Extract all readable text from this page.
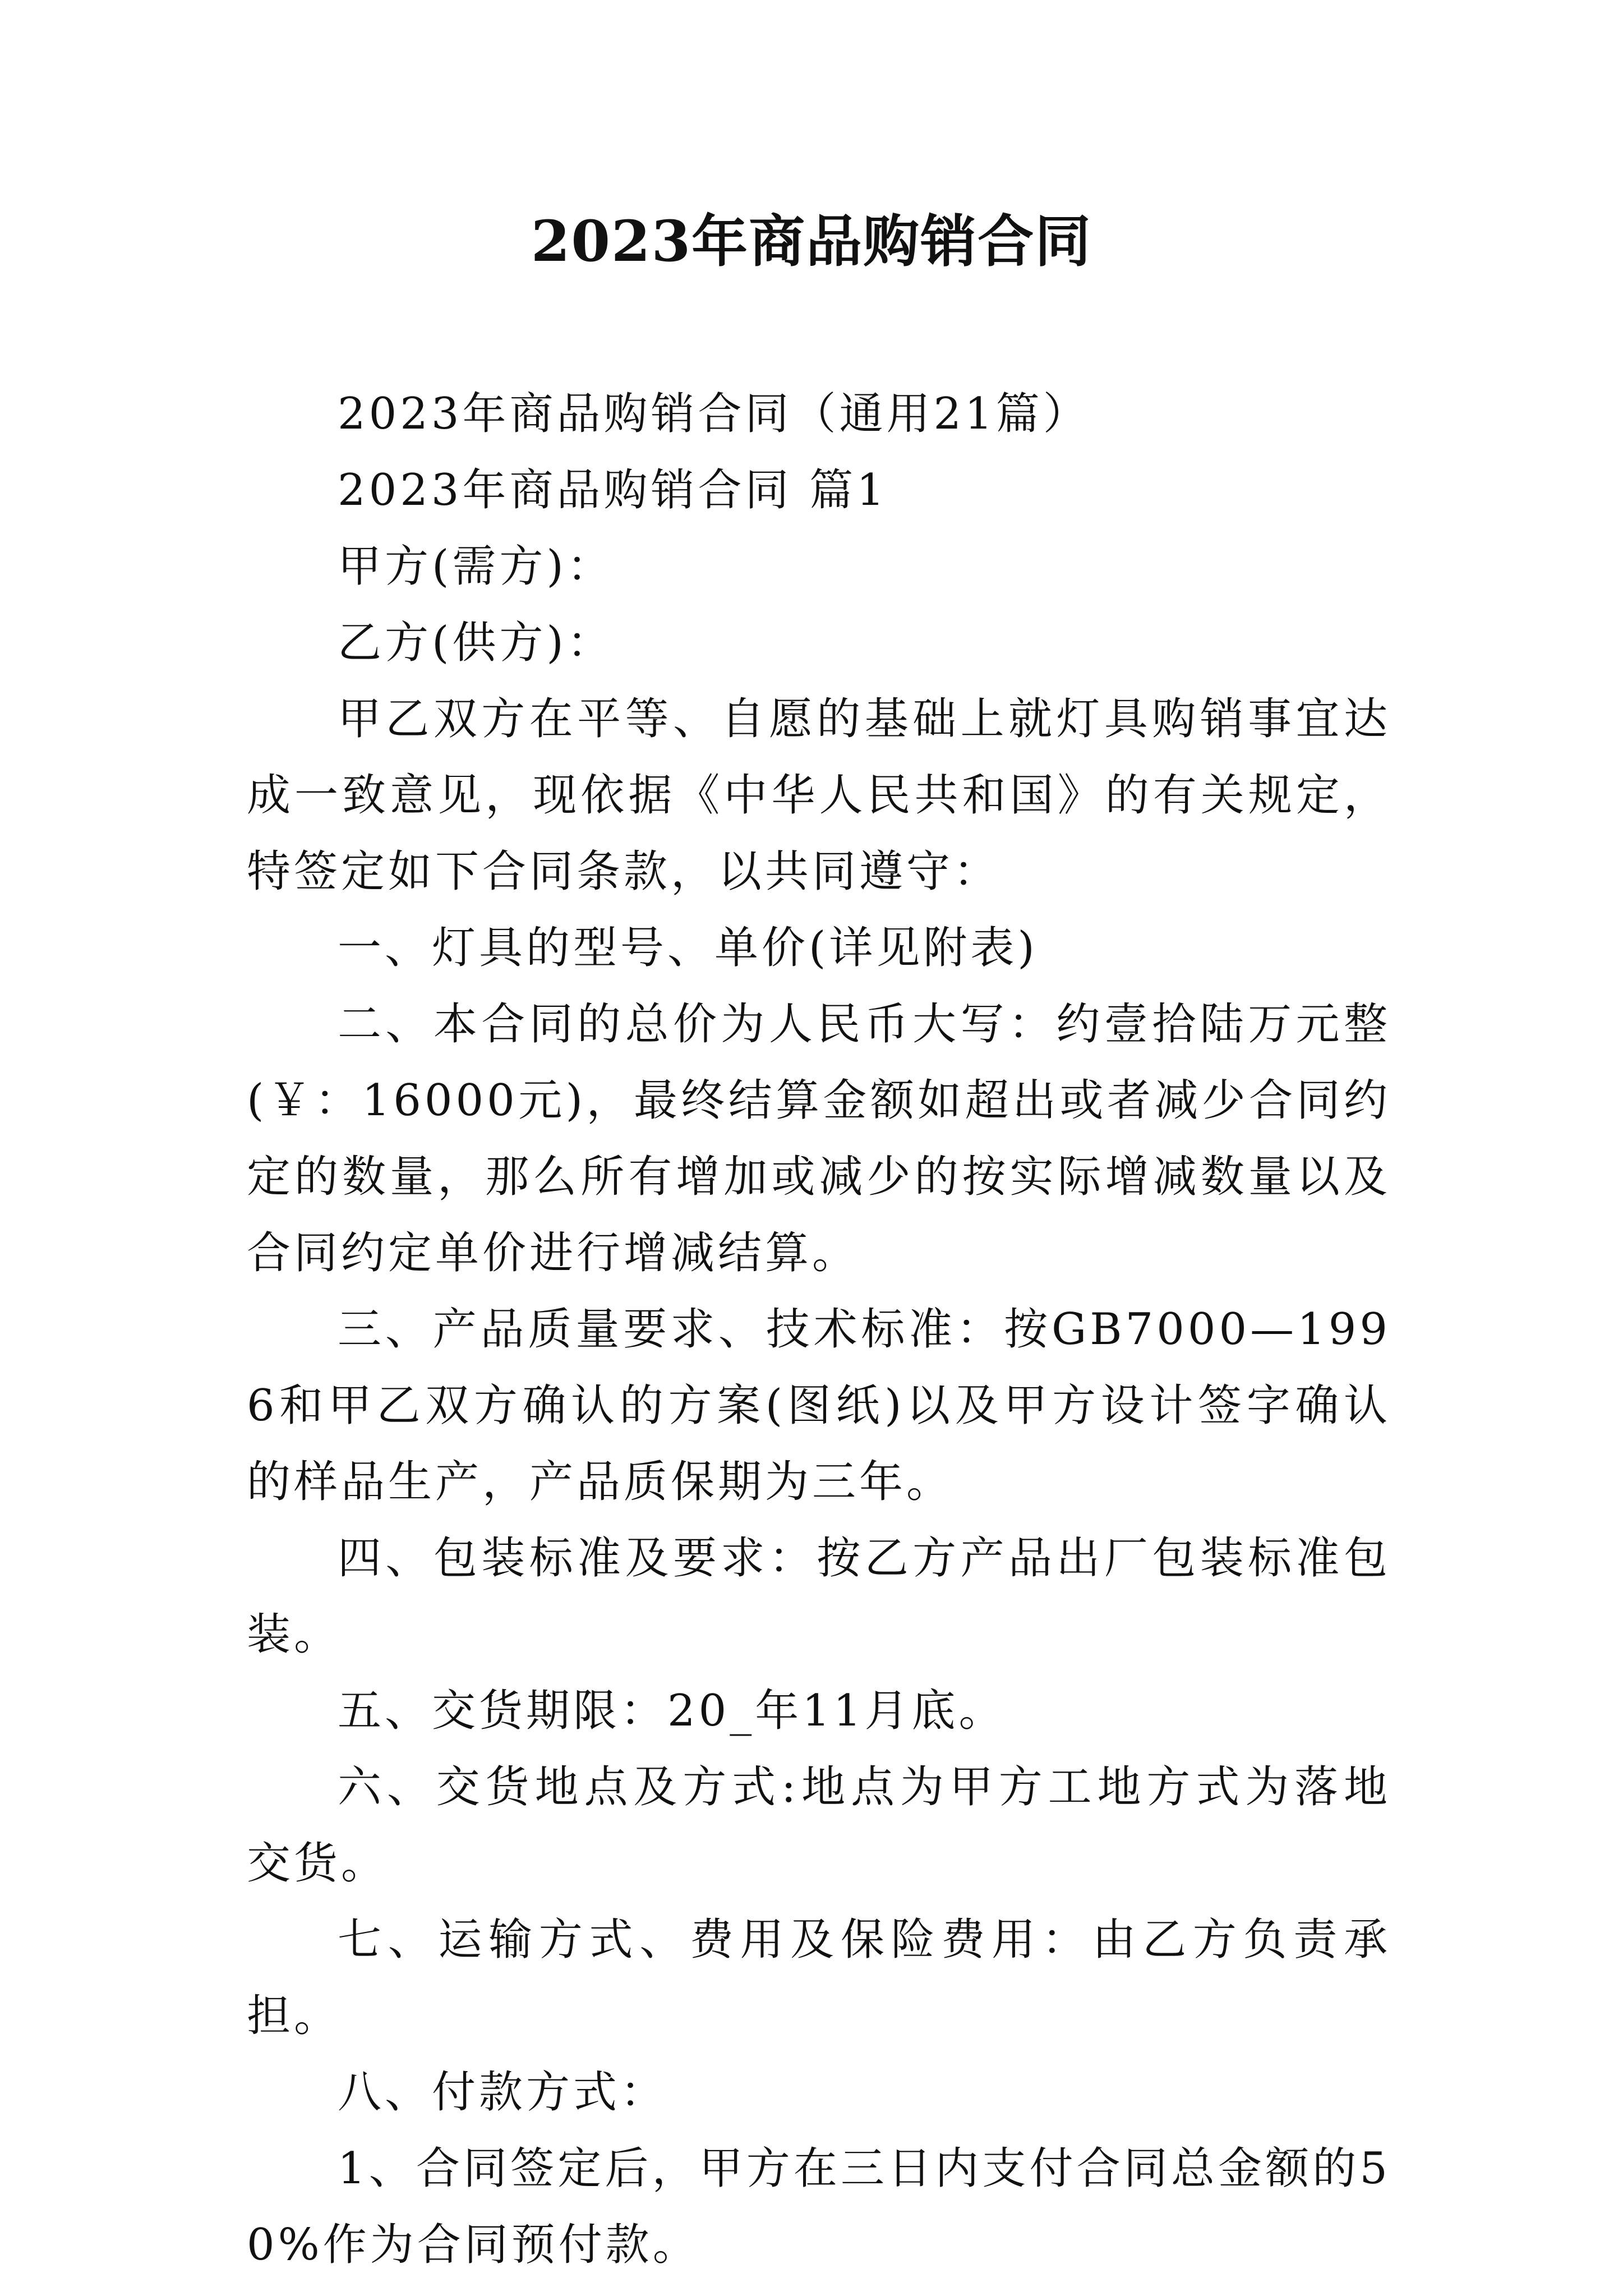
2023年商品购销合同

2023年商品购销合同（通用21篇）

2023年商品购销合同 篇1

甲方(需方)：

乙方(供方)：

甲乙双方在平等、自愿的基础上就灯具购销事宜达成一致意见，现依据《中华人民共和国》的有关规定，特签定如下合同条款，以共同遵守：

一、灯具的型号、单价(详见附表)

二、本合同的总价为人民币大写：约壹拾陆万元整(￥：16000元)，最终结算金额如超出或者减少合同约定的数量，那么所有增加或减少的按实际增减数量以及合同约定单价进行增减结算。

三、产品质量要求、技术标准：按GB7000—1996和甲乙双方确认的方案(图纸)以及甲方设计签字确认的样品生产，产品质保期为三年。

四、包装标准及要求：按乙方产品出厂包装标准包装。

五、交货期限：20_年11月底。

六、交货地点及方式:地点为甲方工地方式为落地交货。

七、运输方式、费用及保险费用：由乙方负责承担。

八、付款方式：

1、合同签定后，甲方在三日内支付合同总金额的50%作为合同预付款。
